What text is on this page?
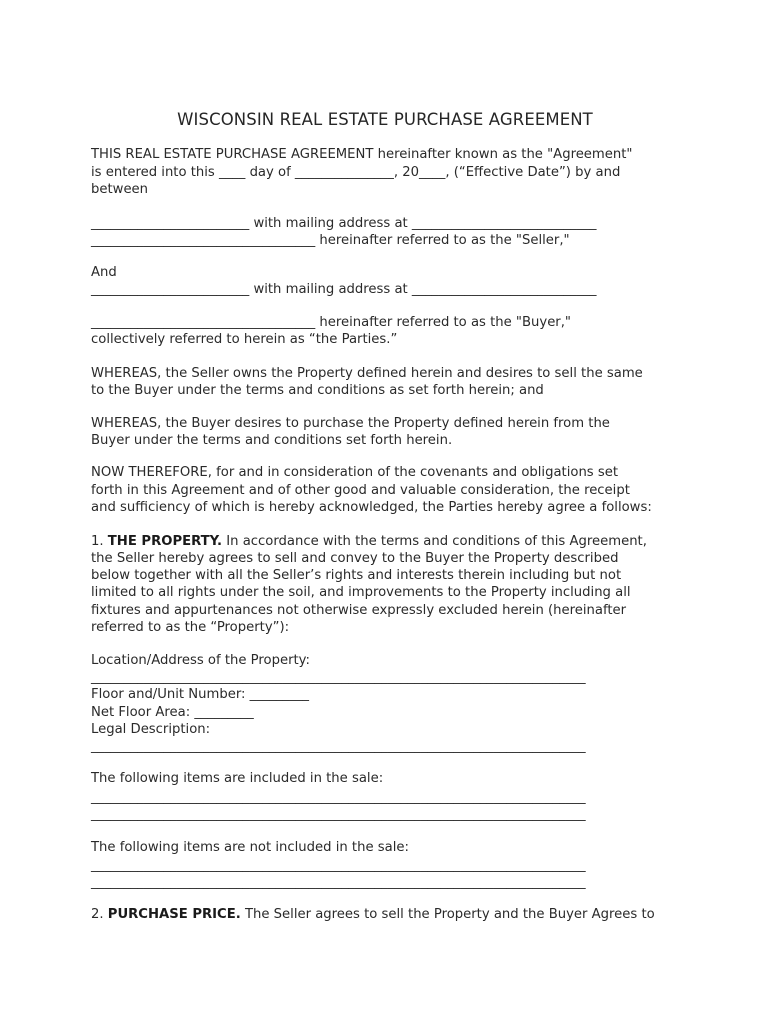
WISCONSIN REAL ESTATE PURCHASE AGREEMENT
THIS REAL ESTATE PURCHASE AGREEMENT hereinafter known as the "Agreement"
is entered into this ____ day of _______________, 20____, (“Effective Date”) by and
between
________________________ with mailing address at ____________________________
__________________________________ hereinafter referred to as the "Seller,"
And
________________________ with mailing address at ____________________________
__________________________________ hereinafter referred to as the "Buyer,"
collectively referred to herein as “the Parties.”
WHEREAS, the Seller owns the Property defined herein and desires to sell the same
to the Buyer under the terms and conditions as set forth herein; and
WHEREAS, the Buyer desires to purchase the Property defined herein from the
Buyer under the terms and conditions set forth herein.
NOW THEREFORE, for and in consideration of the covenants and obligations set
forth in this Agreement and of other good and valuable consideration, the receipt
and sufficiency of which is hereby acknowledged, the Parties hereby agree a follows:
1. THE PROPERTY. In accordance with the terms and conditions of this Agreement,
the Seller hereby agrees to sell and convey to the Buyer the Property described
below together with all the Seller’s rights and interests therein including but not
limited to all rights under the soil, and improvements to the Property including all
fixtures and appurtenances not otherwise expressly excluded herein (hereinafter
referred to as the “Property”):
Location/Address of the Property:
___________________________________________________________________________
Floor and/Unit Number: _________
Net Floor Area: _________
Legal Description:
___________________________________________________________________________
The following items are included in the sale:
___________________________________________________________________________
___________________________________________________________________________
The following items are not included in the sale:
___________________________________________________________________________
___________________________________________________________________________
2. PURCHASE PRICE. The Seller agrees to sell the Property and the Buyer Agrees to
